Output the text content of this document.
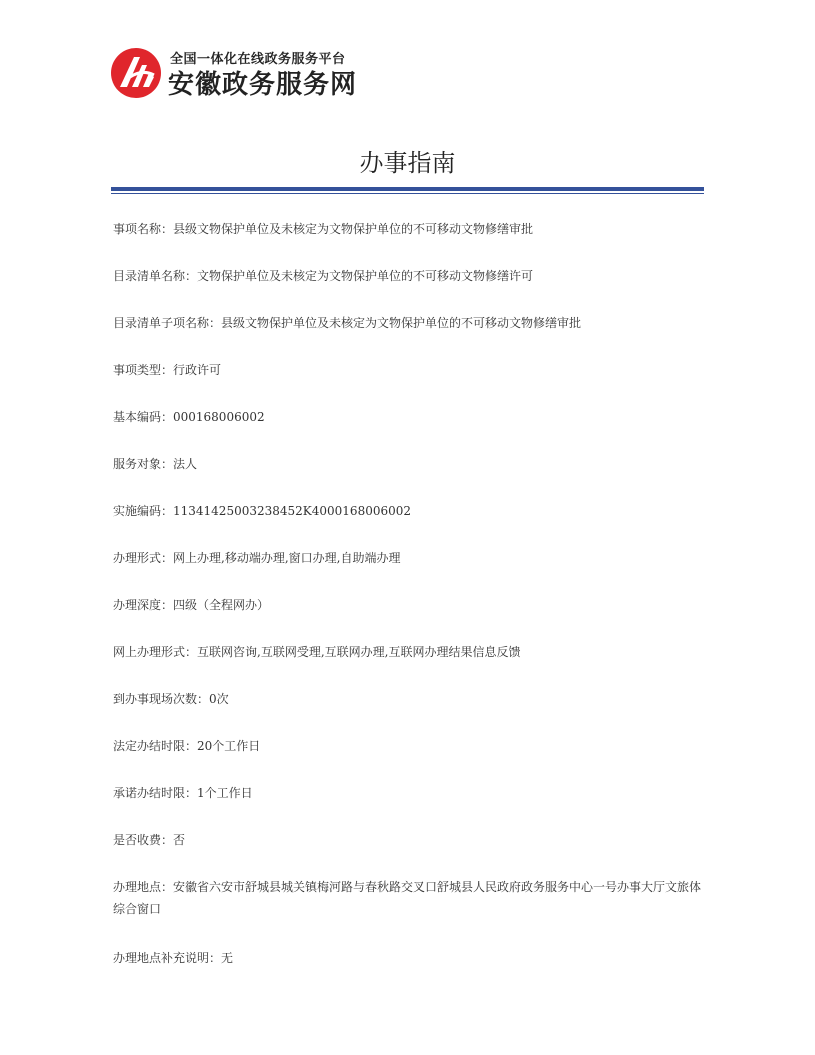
全国一体化在线政务服务平台
安徽政务服务网
办事指南

事项名称：县级文物保护单位及未核定为文物保护单位的不可移动文物修缮审批

目录清单名称：文物保护单位及未核定为文物保护单位的不可移动文物修缮许可

目录清单子项名称：县级文物保护单位及未核定为文物保护单位的不可移动文物修缮审批

事项类型：行政许可

基本编码：000168006002

服务对象：法人

实施编码：11341425003238452K4000168006002

办理形式：网上办理,移动端办理,窗口办理,自助端办理

办理深度：四级（全程网办）

网上办理形式：互联网咨询,互联网受理,互联网办理,互联网办理结果信息反馈

到办事现场次数：0次

法定办结时限：20个工作日

承诺办结时限：1个工作日

是否收费：否

办理地点：安徽省六安市舒城县城关镇梅河路与春秋路交叉口舒城县人民政府政务服务中心一号办事大厅文旅体综合窗口

办理地点补充说明：无
